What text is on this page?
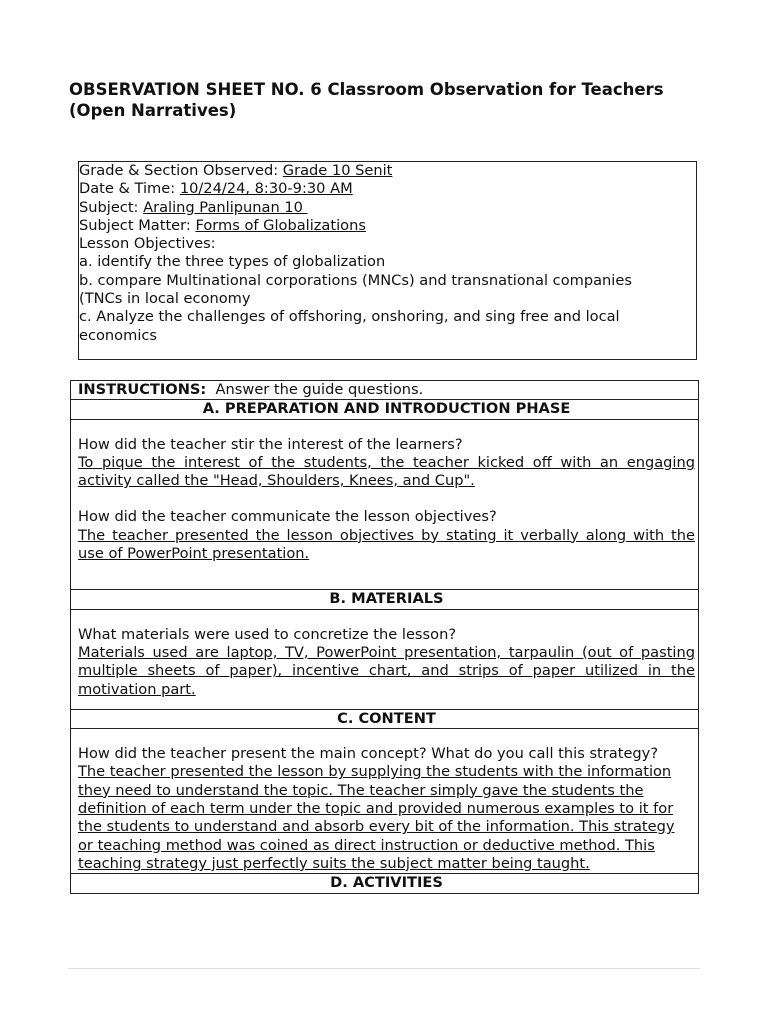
OBSERVATION SHEET NO. 6 Classroom Observation for Teachers (Open Narratives)
Grade & Section Observed: Grade 10 Senit
Date & Time: 10/24/24, 8:30-9:30 AM
Subject: Araling Panlipunan 10
Subject Matter: Forms of Globalizations
Lesson Objectives:
a. identify the three types of globalization
b. compare Multinational corporations (MNCs) and transnational companies (TNCs in local economy
c. Analyze the challenges of offshoring, onshoring, and sing free and local economics
INSTRUCTIONS:  Answer the guide questions.
A. PREPARATION AND INTRODUCTION PHASE

How did the teacher stir the interest of the learners?
To pique the interest of the students, the teacher kicked off with an engaging activity called the "Head, Shoulders, Knees, and Cup".
How did the teacher communicate the lesson objectives?
The teacher presented the lesson objectives by stating it verbally along with the use of PowerPoint presentation.

B. MATERIALS

What materials were used to concretize the lesson?
Materials used are laptop, TV, PowerPoint presentation, tarpaulin (out of pasting multiple sheets of paper), incentive chart, and strips of paper utilized in the motivation part.

C. CONTENT

How did the teacher present the main concept? What do you call this strategy?
The teacher presented the lesson by supplying the students with the information they need to understand the topic. The teacher simply gave the students the definition of each term under the topic and provided numerous examples to it for the students to understand and absorb every bit of the information. This strategy or teaching method was coined as direct instruction or deductive method. This teaching strategy just perfectly suits the subject matter being taught.

D. ACTIVITIES
